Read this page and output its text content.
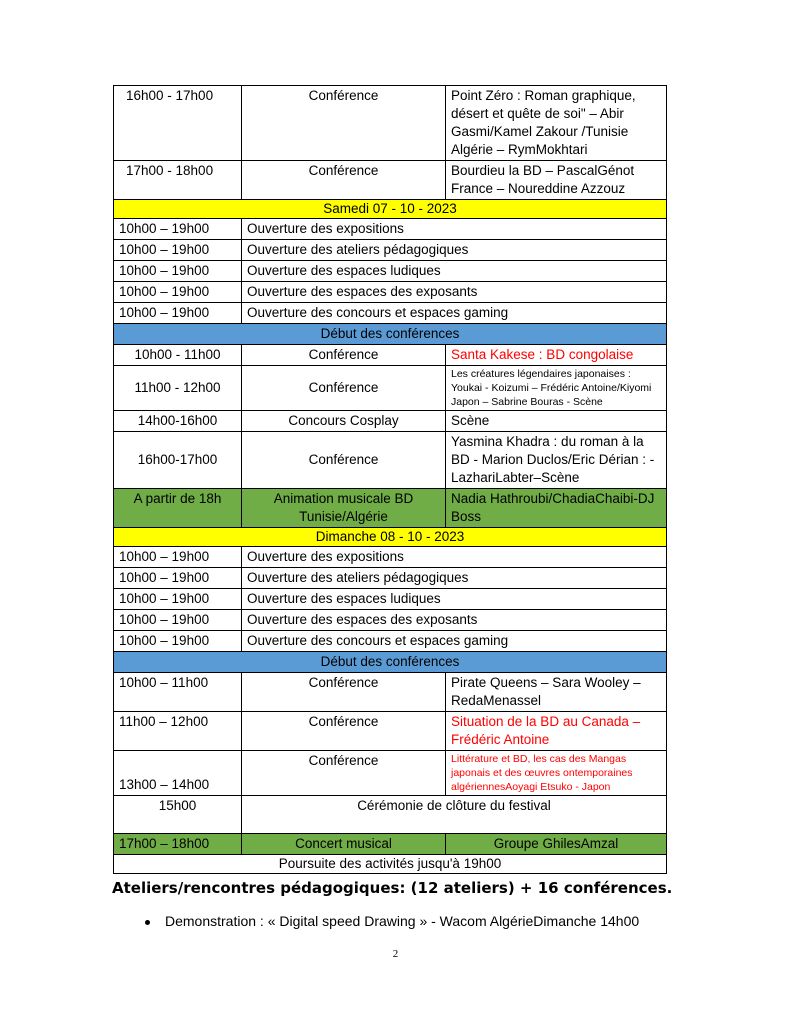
16h00 - 17h00	Conférence	Point Zéro : Roman graphique, désert et quête de soi" – Abir Gasmi/Kamel Zakour /Tunisie Algérie – RymMokhtari
17h00 - 18h00	Conférence	Bourdieu la BD – PascalGénot France – Noureddine Azzouz
Samedi 07 - 10 - 2023		
10h00 – 19h00	Ouverture des expositions	
10h00 – 19h00	Ouverture des ateliers pédagogiques	
10h00 – 19h00	Ouverture des espaces ludiques	
10h00 – 19h00	Ouverture des espaces des exposants	
10h00 – 19h00	Ouverture des concours et espaces gaming	
Début des conférences		
10h00 - 11h00	Conférence	Santa Kakese : BD congolaise
11h00 - 12h00	Conférence	Les créatures légendaires japonaises : Youkai - Koizumi – Frédéric Antoine/Kiyomi Japon – Sabrine Bouras - Scène
14h00-16h00	Concours Cosplay	Scène
16h00-17h00	Conférence	Yasmina Khadra : du roman à la BD - Marion Duclos/Eric Dérian : - LazhariLabter–Scène
A partir de 18h	Animation musicale BD Tunisie/Algérie	Nadia Hathroubi/ChadiaChaibi-DJ Boss
Dimanche 08 - 10 - 2023		
10h00 – 19h00	Ouverture des expositions	
10h00 – 19h00	Ouverture des ateliers pédagogiques	
10h00 – 19h00	Ouverture des espaces ludiques	
10h00 – 19h00	Ouverture des espaces des exposants	
10h00 – 19h00	Ouverture des concours et espaces gaming	
Début des conférences		
10h00 – 11h00	Conférence	Pirate Queens – Sara Wooley – RedaMenassel
11h00 – 12h00	Conférence	Situation de la BD au Canada – Frédéric Antoine
13h00 – 14h00	Conférence	Littérature et BD, les cas des Mangas japonais et des œuvres ontemporaines algériennesAoyagi Etsuko - Japon
15h00	Cérémonie de clôture du festival	
17h00 – 18h00	Concert musical	Groupe GhilesAmzal
Poursuite des activités jusqu'à 19h00		
Ateliers/rencontres pédagogiques: (12 ateliers) + 16 conférences.
Demonstration : « Digital speed Drawing » - Wacom AlgérieDimanche 14h00
2
